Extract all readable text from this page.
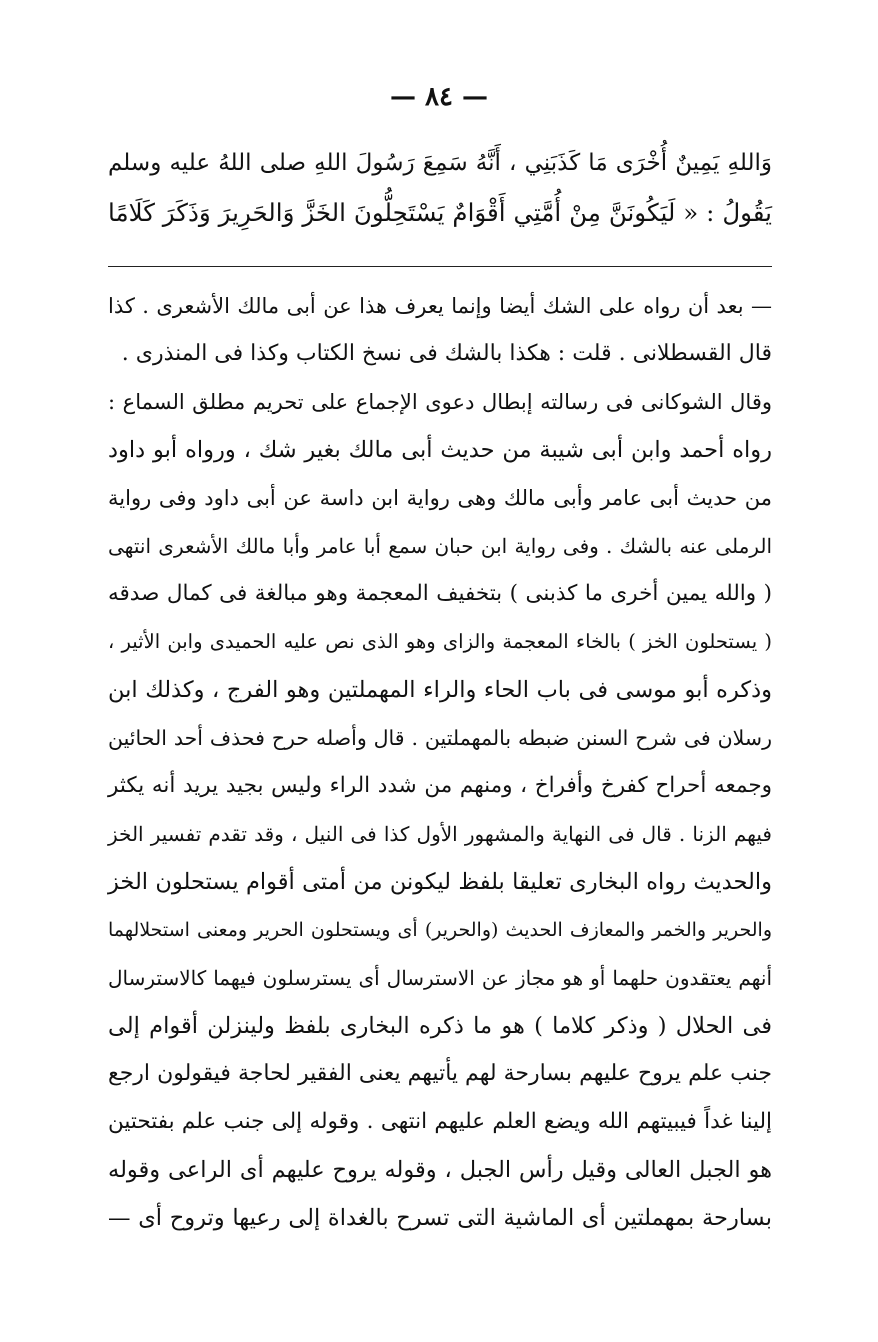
— ٨٤ —
وَاللهِ يَمِينٌ أُخْرَى مَا كَذَبَنِي ، أَنَّهُ سَمِعَ رَسُولَ اللهِ صلى اللهُ عليه وسلم
يَقُولُ : « لَيَكُونَنَّ مِنْ أُمَّتِي أَقْوَامٌ يَسْتَحِلُّونَ الخَزَّ وَالحَرِيرَ وَذَكَرَ كَلَامًا
— بعد أن رواه على الشك أيضا وإنما يعرف هذا عن أبى مالك الأشعرى . كذا
قال القسطلانى . قلت : هكذا بالشك فى نسخ الكتاب وكذا فى المنذرى .
وقال الشوكانى فى رسالته إبطال دعوى الإجماع على تحريم مطلق السماع :
رواه أحمد وابن أبى شيبة من حديث أبى مالك بغير شك ، ورواه أبو داود
من حديث أبى عامر وأبى مالك وهى رواية ابن داسة عن أبى داود وفى رواية
الرملى عنه بالشك . وفى رواية ابن حبان سمع أبا عامر وأبا مالك الأشعرى انتهى
( والله يمين أخرى ما كذبنى ) بتخفيف المعجمة وهو مبالغة فى كمال صدقه
( يستحلون الخز ) بالخاء المعجمة والزاى وهو الذى نص عليه الحميدى وابن الأثير ،
وذكره أبو موسى فى باب الحاء والراء المهملتين وهو الفرج ، وكذلك ابن
رسلان فى شرح السنن ضبطه بالمهملتين . قال وأصله حرح فحذف أحد الحائين
وجمعه أحراح كفرخ وأفراخ ، ومنهم من شدد الراء وليس بجيد يريد أنه يكثر
فيهم الزنا . قال فى النهاية والمشهور الأول كذا فى النيل ، وقد تقدم تفسير الخز
والحديث رواه البخارى تعليقا بلفظ ليكونن من أمتى أقوام يستحلون الخز
والحرير والخمر والمعازف الحديث (والحرير) أى ويستحلون الحرير ومعنى استحلالهما
أنهم يعتقدون حلهما أو هو مجاز عن الاسترسال أى يسترسلون فيهما كالاسترسال
فى الحلال ( وذكر كلاما ) هو ما ذكره البخارى بلفظ ولينزلن أقوام إلى
جنب علم يروح عليهم بسارحة لهم يأتيهم يعنى الفقير لحاجة فيقولون ارجع
إلينا غداً فيبيتهم الله ويضع العلم عليهم انتهى . وقوله إلى جنب علم بفتحتين
هو الجبل العالى وقيل رأس الجبل ، وقوله يروح عليهم أى الراعى وقوله
بسارحة بمهملتين أى الماشية التى تسرح بالغداة إلى رعيها وتروح أى —
